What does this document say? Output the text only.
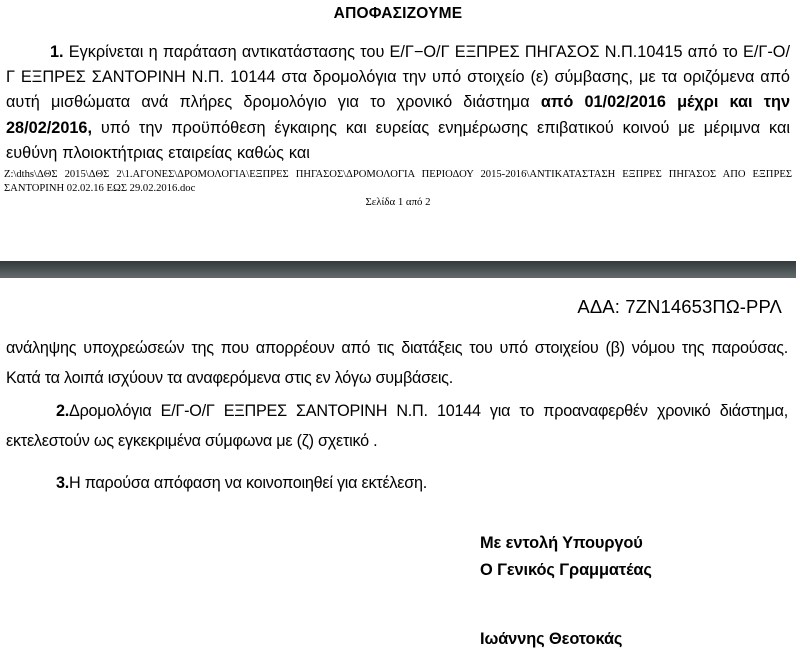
ΑΠΟΦΑΣΙΖΟΥΜΕ
1. Εγκρίνεται η παράταση αντικατάστασης του Ε/Γ−Ο/Γ ΕΞΠΡΕΣ ΠΗΓΑΣΟΣ Ν.Π.10415 από το Ε/Γ-Ο/Γ ΕΞΠΡΕΣ ΣΑΝΤΟΡΙΝΗ Ν.Π. 10144 στα δρομολόγια την υπό στοιχείο (ε) σύμβασης, με τα οριζόμενα από αυτή μισθώματα ανά πλήρες δρομολόγιο για το χρονικό διάστημα από 01/02/2016 μέχρι και την 28/02/2016, υπό την προϋπόθεση έγκαιρης και ευρείας ενημέρωσης επιβατικού κοινού με μέριμνα και ευθύνη πλοιοκτήτριας εταιρείας καθώς και
Z:\dths\ΔΘΣ 2015\ΔΘΣ 2\1.ΑΓΟΝΕΣ\ΔΡΟΜΟΛΟΓΙΑ\ΕΞΠΡΕΣ ΠΗΓΑΣΟΣ\ΔΡΟΜΟΛΟΓΙΑ ΠΕΡΙΟΔΟΥ 2015-2016\ΑΝΤΙΚΑΤΑΣΤΑΣΗ ΕΞΠΡΕΣ ΠΗΓΑΣΟΣ ΑΠΟ ΕΞΠΡΕΣ ΣΑΝΤΟΡΙΝΗ 02.02.16 ΕΩΣ 29.02.2016.doc
Σελίδα 1 από 2
ΑΔΑ: 7ΖΝ14653ΠΩ-ΡΡΛ
ανάληψης υποχρεώσεών της που απορρέουν από τις διατάξεις του υπό στοιχείου (β) νόμου της παρούσας. Κατά τα λοιπά ισχύουν τα αναφερόμενα στις εν λόγω συμβάσεις.
2.Δρομολόγια Ε/Γ-Ο/Γ ΕΞΠΡΕΣ ΣΑΝΤΟΡΙΝΗ Ν.Π. 10144 για το προαναφερθέν χρονικό διάστημα, εκτελεστούν ως εγκεκριμένα σύμφωνα με (ζ) σχετικό .
3.Η παρούσα απόφαση να κοινοποιηθεί για εκτέλεση.
Με εντολή Υπουργού
Ο Γενικός Γραμματέας
Ιωάννης Θεοτοκάς
